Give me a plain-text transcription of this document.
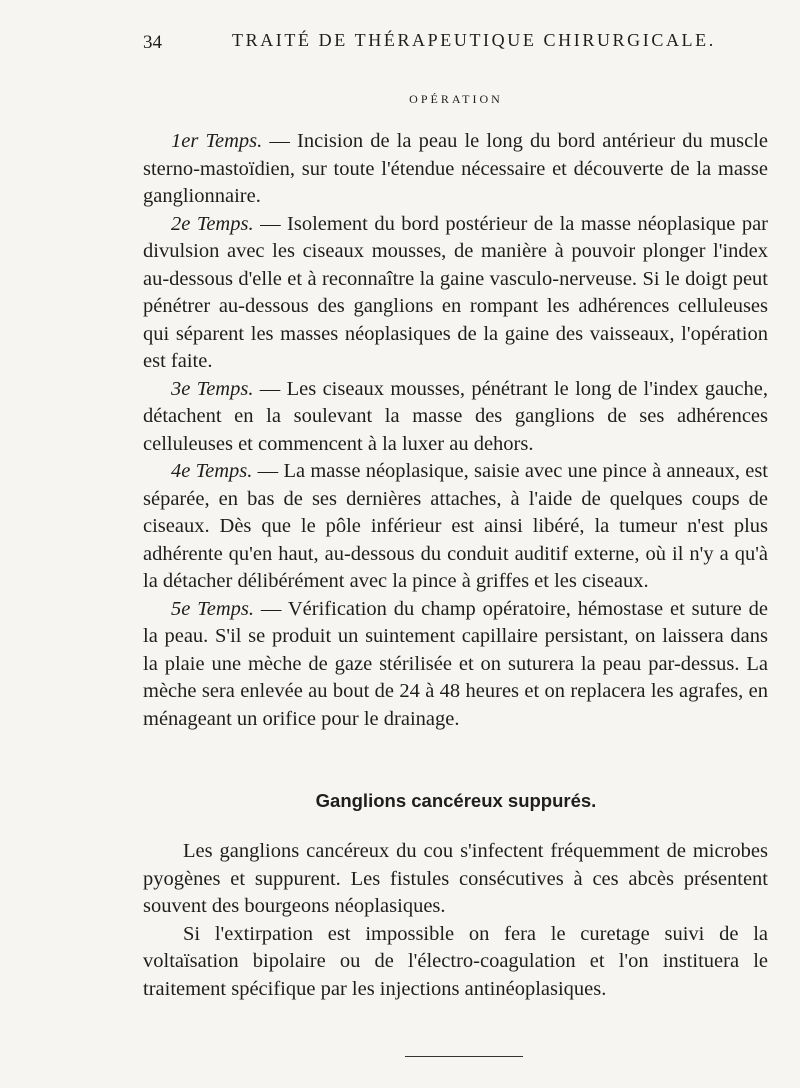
34	TRAITÉ DE THÉRAPEUTIQUE CHIRURGICALE.
OPÉRATION

1er Temps. — Incision de la peau le long du bord antérieur du muscle sterno-mastoïdien, sur toute l'étendue nécessaire et découverte de la masse ganglionnaire.

2e Temps. — Isolement du bord postérieur de la masse néoplasique par divulsion avec les ciseaux mousses, de manière à pouvoir plonger l'index au-dessous d'elle et à reconnaître la gaine vasculo-nerveuse. Si le doigt peut pénétrer au-dessous des ganglions en rompant les adhérences celluleuses qui séparent les masses néoplasiques de la gaine des vaisseaux, l'opération est faite.

3e Temps. — Les ciseaux mousses, pénétrant le long de l'index gauche, détachent en la soulevant la masse des ganglions de ses adhérences celluleuses et commencent à la luxer au dehors.

4e Temps. — La masse néoplasique, saisie avec une pince à anneaux, est séparée, en bas de ses dernières attaches, à l'aide de quelques coups de ciseaux. Dès que le pôle inférieur est ainsi libéré, la tumeur n'est plus adhérente qu'en haut, au-dessous du conduit auditif externe, où il n'y a qu'à la détacher délibérément avec la pince à griffes et les ciseaux.

5e Temps. — Vérification du champ opératoire, hémostase et suture de la peau. S'il se produit un suintement capillaire persistant, on laissera dans la plaie une mèche de gaze stérilisée et on suturera la peau par-dessus. La mèche sera enlevée au bout de 24 à 48 heures et on replacera les agrafes, en ménageant un orifice pour le drainage.

Ganglions cancéreux suppurés.

Les ganglions cancéreux du cou s'infectent fréquemment de microbes pyogènes et suppurent. Les fistules consécutives à ces abcès présentent souvent des bourgeons néoplasiques.

Si l'extirpation est impossible on fera le curetage suivi de la voltaïsation bipolaire ou de l'électro-coagulation et l'on instituera le traitement spécifique par les injections antinéoplasiques.
